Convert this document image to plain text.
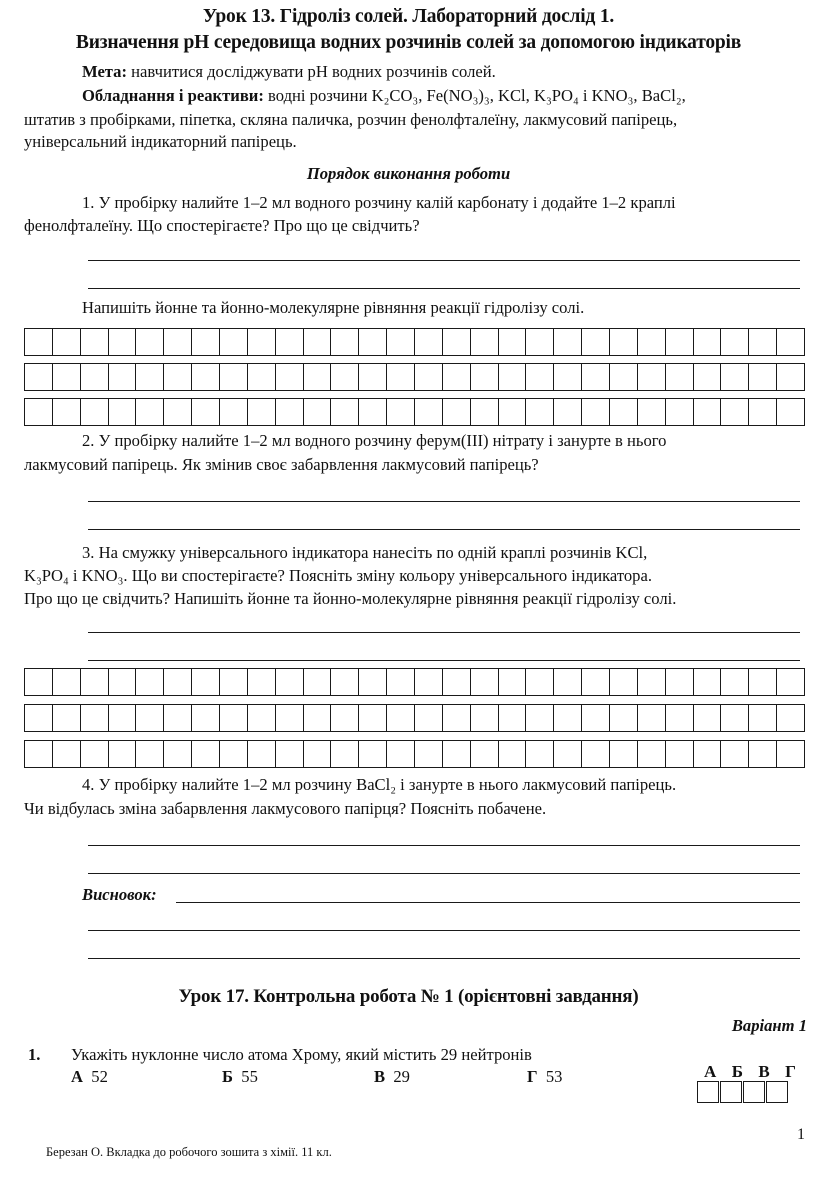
Урок 13. Гідроліз солей. Лабораторний дослід 1.
Визначення pH середовища водних розчинів солей за допомогою індикаторів
Мета: навчитися досліджувати pH водних розчинів солей.
Обладнання і реактиви: водні розчини K₂CO₃, Fe(NO₃)₃, KCl, K₃PO₄ і KNO₃, BaCl₂,
штатив з пробірками, піпетка, скляна паличка, розчин фенолфталеїну, лакмусовий папірець,
універсальний індикаторний папірець.
Порядок виконання роботи
1. У пробірку налийте 1–2 мл водного розчину калій карбонату і додайте 1–2 краплі
фенолфталеїну. Що спостерігаєте? Про що це свідчить?
Напишіть йонне та йонно-молекулярне рівняння реакції гідролізу солі.
2. У пробірку налийте 1–2 мл водного розчину ферум(ІІІ) нітрату і занурте в нього
лакмусовий папірець. Як змінив своє забарвлення лакмусовий папірець?
3. На смужку універсального індикатора нанесіть по одній краплі розчинів KCl,
K₃PO₄ і KNO₃. Що ви спостерігаєте? Поясніть зміну кольору універсального індикатора.
Про що це свідчить? Напишіть йонне та йонно-молекулярне рівняння реакції гідролізу солі.
4. У пробірку налийте 1–2 мл розчину BaCl₂ і занурте в нього лакмусовий папірець.
Чи відбулась зміна забарвлення лакмусового папірця? Поясніть побачене.
Висновок:
Урок 17. Контрольна робота № 1 (орієнтовні завдання)
Варіант 1
1. Укажіть нуклонне число атома Хрому, який містить 29 нейтронів
А 52	Б 55	В 29	Г 53	А Б В Г
1
Березан О. Вкладка до робочого зошита з хімії. 11 кл.
